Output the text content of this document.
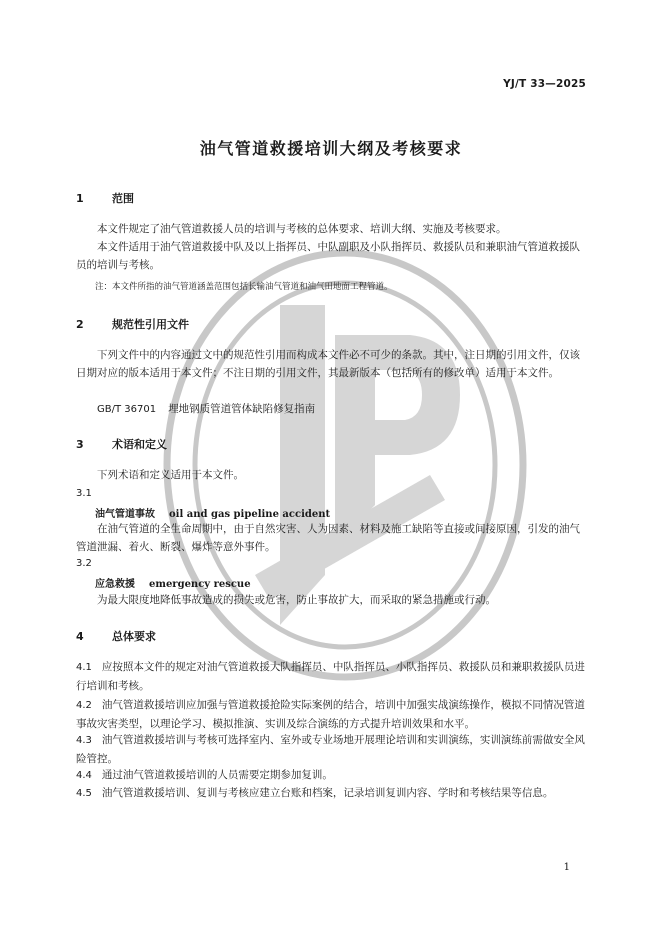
YJ/T 33—2025
油气管道救援培训大纲及考核要求
1	范围
本文件规定了油气管道救援人员的培训与考核的总体要求、培训大纲、实施及考核要求。
本文件适用于油气管道救援中队及以上指挥员、中队副职及小队指挥员、救援队员和兼职油气管道救援队员的培训与考核。
注：本文件所指的油气管道涵盖范围包括长输油气管道和油气田地面工程管道。
2	规范性引用文件
下列文件中的内容通过文中的规范性引用而构成本文件必不可少的条款。其中，注日期的引用文件，仅该日期对应的版本适用于本文件；不注日期的引用文件，其最新版本（包括所有的修改单）适用于本文件。
GB/T 36701 埋地钢质管道管体缺陷修复指南
3	术语和定义
下列术语和定义适用于本文件。
3.1
油气管道事故 oil and gas pipeline accident
在油气管道的全生命周期中，由于自然灾害、人为因素、材料及施工缺陷等直接或间接原因，引发的油气管道泄漏、着火、断裂、爆炸等意外事件。
3.2
应急救援 emergency rescue
为最大限度地降低事故造成的损失或危害，防止事故扩大，而采取的紧急措施或行动。
4	总体要求
4.1 应按照本文件的规定对油气管道救援大队指挥员、中队指挥员、小队指挥员、救援队员和兼职救援队员进行培训和考核。
4.2 油气管道救援培训应加强与管道救援抢险实际案例的结合，培训中加强实战演练操作，模拟不同情况管道事故灾害类型，以理论学习、模拟推演、实训及综合演练的方式提升培训效果和水平。
4.3 油气管道救援培训与考核可选择室内、室外或专业场地开展理论培训和实训演练，实训演练前需做安全风险管控。
4.4 通过油气管道救援培训的人员需要定期参加复训。
4.5 油气管道救援培训、复训与考核应建立台账和档案，记录培训复训内容、学时和考核结果等信息。
1
